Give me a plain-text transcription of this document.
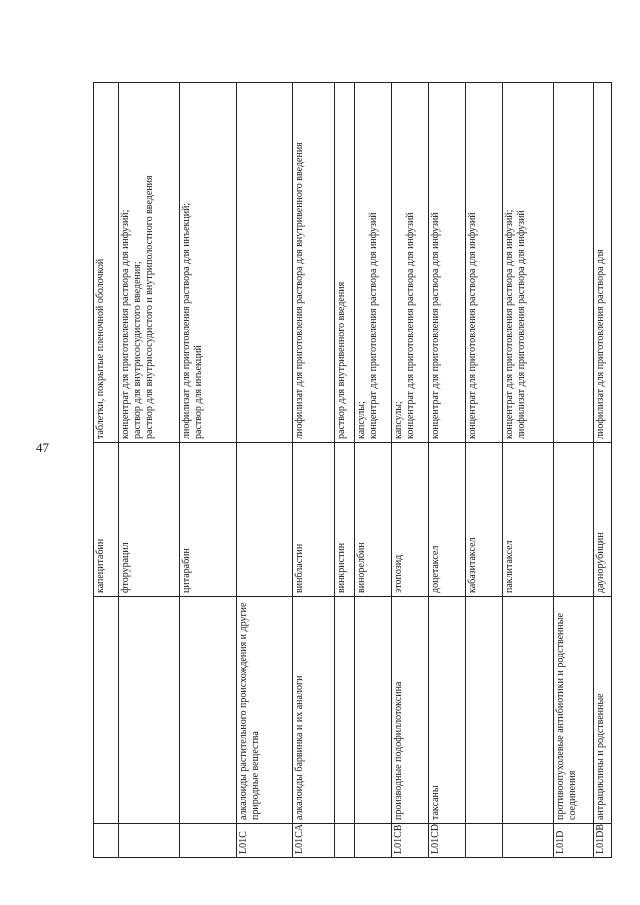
47
		капецитабин	таблетки, покрытые пленочной оболочкой

		фторурацил	концентрат для приготовления раствора для инфузий; раствор для внутрисосудистого введения; раствор для внутрисосудистого и внутриполостного введения

		цитарабин	лиофилизат для приготовления раствора для инъекций; раствор для инъекций

L01C	алкалоиды растительного происхождения и другие природные вещества		
L01CA	алкалоиды барвинка и их аналоги	винбластин	лиофилизат для приготовления раствора для внутривенного введения

		винкристин	раствор для внутривенного введения

		винорелбин	капсулы; концентрат для приготовления раствора для инфузий

L01CB	производные подофиллотоксина	этопозид	капсулы; концентрат для приготовления раствора для инфузий

L01CD	таксаны	доцетаксел	концентрат для приготовления раствора для инфузий

		кабазитаксел	концентрат для приготовления раствора для инфузий

		паклитаксел	концентрат для приготовления раствора для инфузий; лиофилизат для приготовления раствора для инфузий

L01D	противоопухолевые антибиотики и родственные соединения		
L01DB	антрациклины и родственные	даунорубицин	лиофилизат для приготовления раствора для
